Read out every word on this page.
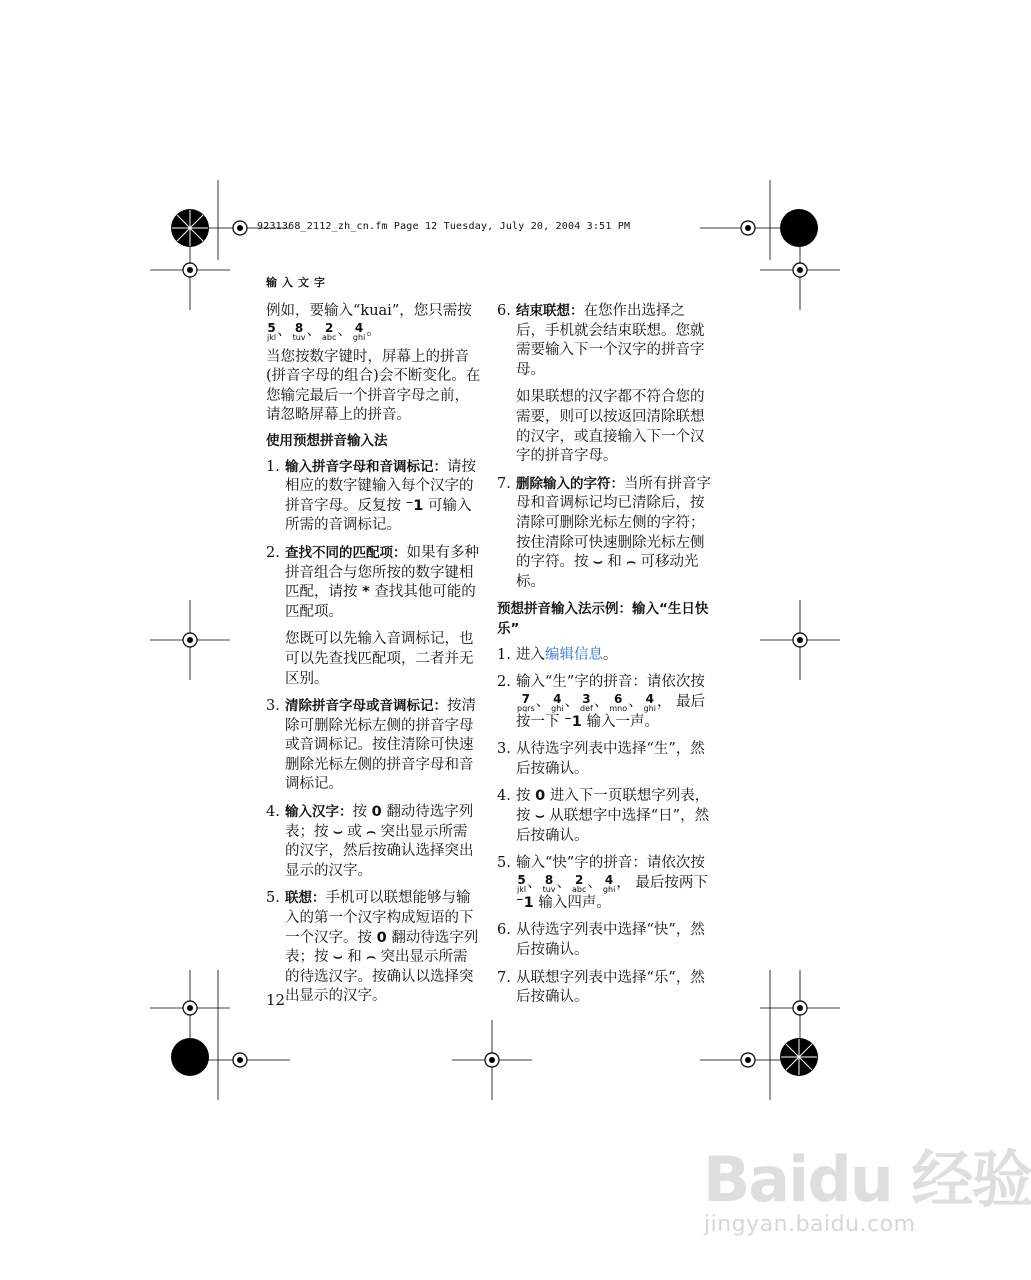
9231368_2112_zh_cn.fm Page 12 Tuesday, July 20, 2004 3:51 PM
输入文字

例如，要输入“kuai”，您只需按
5
jkl 、 8
tuv 、 2
abc 、 4
ghi 。

当您按数字键时，屏幕上的拼音(拼音字母的组合)会不断变化。在您输完最后一个拼音字母之前，请忽略屏幕上的拼音。

使用预想拼音输入法
1. 输入拼音字母和音调标记：请按相应的数字键输入每个汉字的拼音字母。反复按 ⁻1 可输入所需的音调标记。
2. 查找不同的匹配项：如果有多种拼音组合与您所按的数字键相匹配，请按 * 查找其他可能的匹配项。

您既可以先输入音调标记，也可以先查找匹配项，二者并无区别。

3. 清除拼音字母或音调标记：按清除可删除光标左侧的拼音字母或音调标记。按住清除可快速删除光标左侧的拼音字母和音调标记。
4. 输入汉字：按 0 翻动待选字列表；按 ⌣ 或 ⌢ 突出显示所需的汉字，然后按确认选择突出显示的汉字。
5. 联想：手机可以联想能够与输入的第一个汉字构成短语的下一个汉字。按 0 翻动待选字列表；按 ⌣ 和 ⌢ 突出显示所需的待选汉字。按确认以选择突出显示的汉字。
6. 结束联想：在您作出选择之后，手机就会结束联想。您就需要输入下一个汉字的拼音字母。

如果联想的汉字都不符合您的需要，则可以按返回清除联想的汉字，或直接输入下一个汉字的拼音字母。

7. 删除输入的字符：当所有拼音字母和音调标记均已清除后，按清除可删除光标左侧的字符；按住清除可快速删除光标左侧的字符。按 ⌣ 和 ⌢ 可移动光标。
预想拼音输入法示例：输入“生日快乐”
1. 进入编辑信息。
2. 输入“生”字的拼音：请依次按
7
pqrs 、 4
ghi 、 3
def 、 6
mno 、 4
ghi ， 最后按一下 ⁻1 输入一声。
3. 从待选字列表中选择“生”，然后按确认。
4. 按 0 进入下一页联想字列表，按 ⌣ 从联想字中选择“日”，然后按确认。
5. 输入“快”字的拼音：请依次按
5
jkl 、 8
tuv 、 2
abc 、 4
ghi ， 最后按两下 ⁻1 输入四声。
6. 从待选字列表中选择“快”，然后按确认。
7. 从联想字列表中选择“乐”，然后按确认。
12
Baidu 经验
jingyan.baidu.com
